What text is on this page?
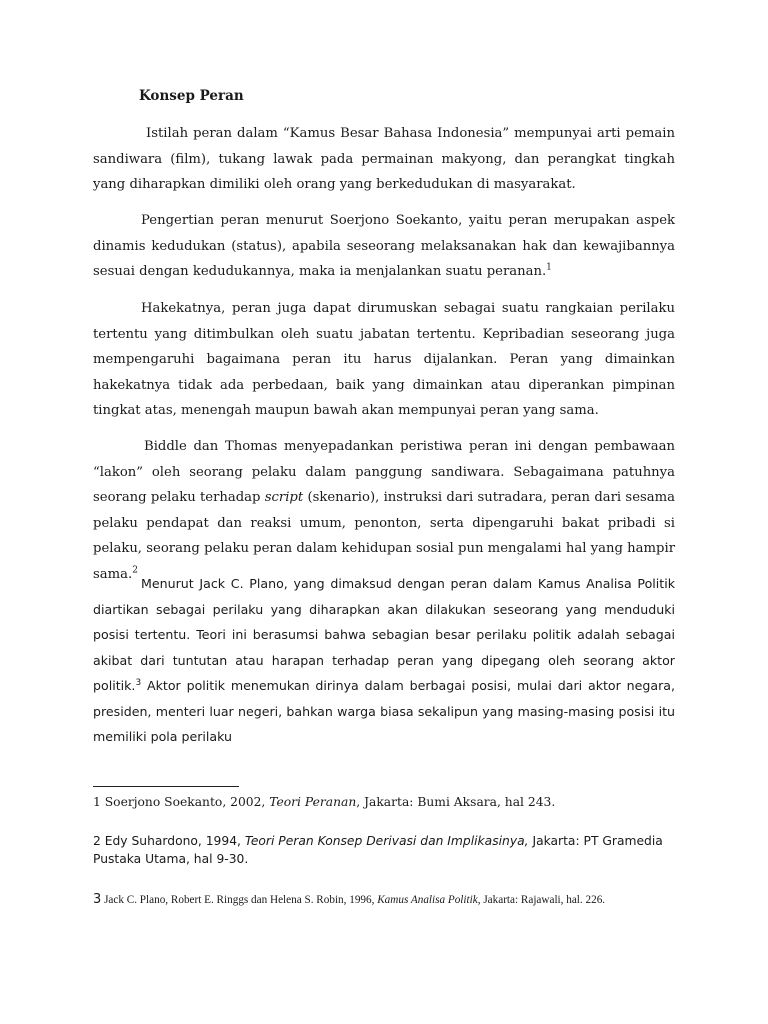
Konsep Peran

Istilah peran dalam “Kamus Besar Bahasa Indonesia” mempunyai arti pemain sandiwara (film), tukang lawak pada permainan makyong, dan perangkat tingkah yang diharapkan dimiliki oleh orang yang berkedudukan di masyarakat.

Pengertian peran menurut Soerjono Soekanto, yaitu peran merupakan aspek dinamis kedudukan (status), apabila seseorang melaksanakan hak dan kewajibannya sesuai dengan kedudukannya, maka ia menjalankan suatu peranan.$^1$

Hakekatnya, peran juga dapat dirumuskan sebagai suatu rangkaian perilaku tertentu yang ditimbulkan oleh suatu jabatan tertentu. Kepribadian seseorang juga mempengaruhi bagaimana peran itu harus dijalankan. Peran yang dimainkan hakekatnya tidak ada perbedaan, baik yang dimainkan atau diperankan pimpinan tingkat atas, menengah maupun bawah akan mempunyai peran yang sama.

Biddle dan Thomas menyepadankan peristiwa peran ini dengan pembawaan “lakon” oleh seorang pelaku dalam panggung sandiwara. Sebagaimana patuhnya seorang pelaku terhadap script (skenario), instruksi dari sutradara, peran dari sesama pelaku pendapat dan reaksi umum, penonton, serta dipengaruhi bakat pribadi si pelaku, seorang pelaku peran dalam kehidupan sosial pun mengalami hal yang hampir sama.$^2$

Menurut Jack C. Plano, yang dimaksud dengan peran dalam Kamus Analisa Politik diartikan sebagai perilaku yang diharapkan akan dilakukan seseorang yang menduduki posisi tertentu. Teori ini berasumsi bahwa sebagian besar perilaku politik adalah sebagai akibat dari tuntutan atau harapan terhadap peran yang dipegang oleh seorang aktor politik.$^3$ Aktor politik menemukan dirinya dalam berbagai posisi, mulai dari aktor negara, presiden, menteri luar negeri, bahkan warga biasa sekalipun yang masing-masing posisi itu memiliki pola perilaku

1 Soerjono Soekanto, 2002, Teori Peranan, Jakarta: Bumi Aksara, hal 243.

2 Edy Suhardono, 1994, Teori Peran Konsep Derivasi dan Implikasinya, Jakarta: PT Gramedia Pustaka Utama, hal 9-30.

3 Jack C. Plano, Robert E. Ringgs dan Helena S. Robin, 1996, Kamus Analisa Politik, Jakarta: Rajawali, hal. 226.
